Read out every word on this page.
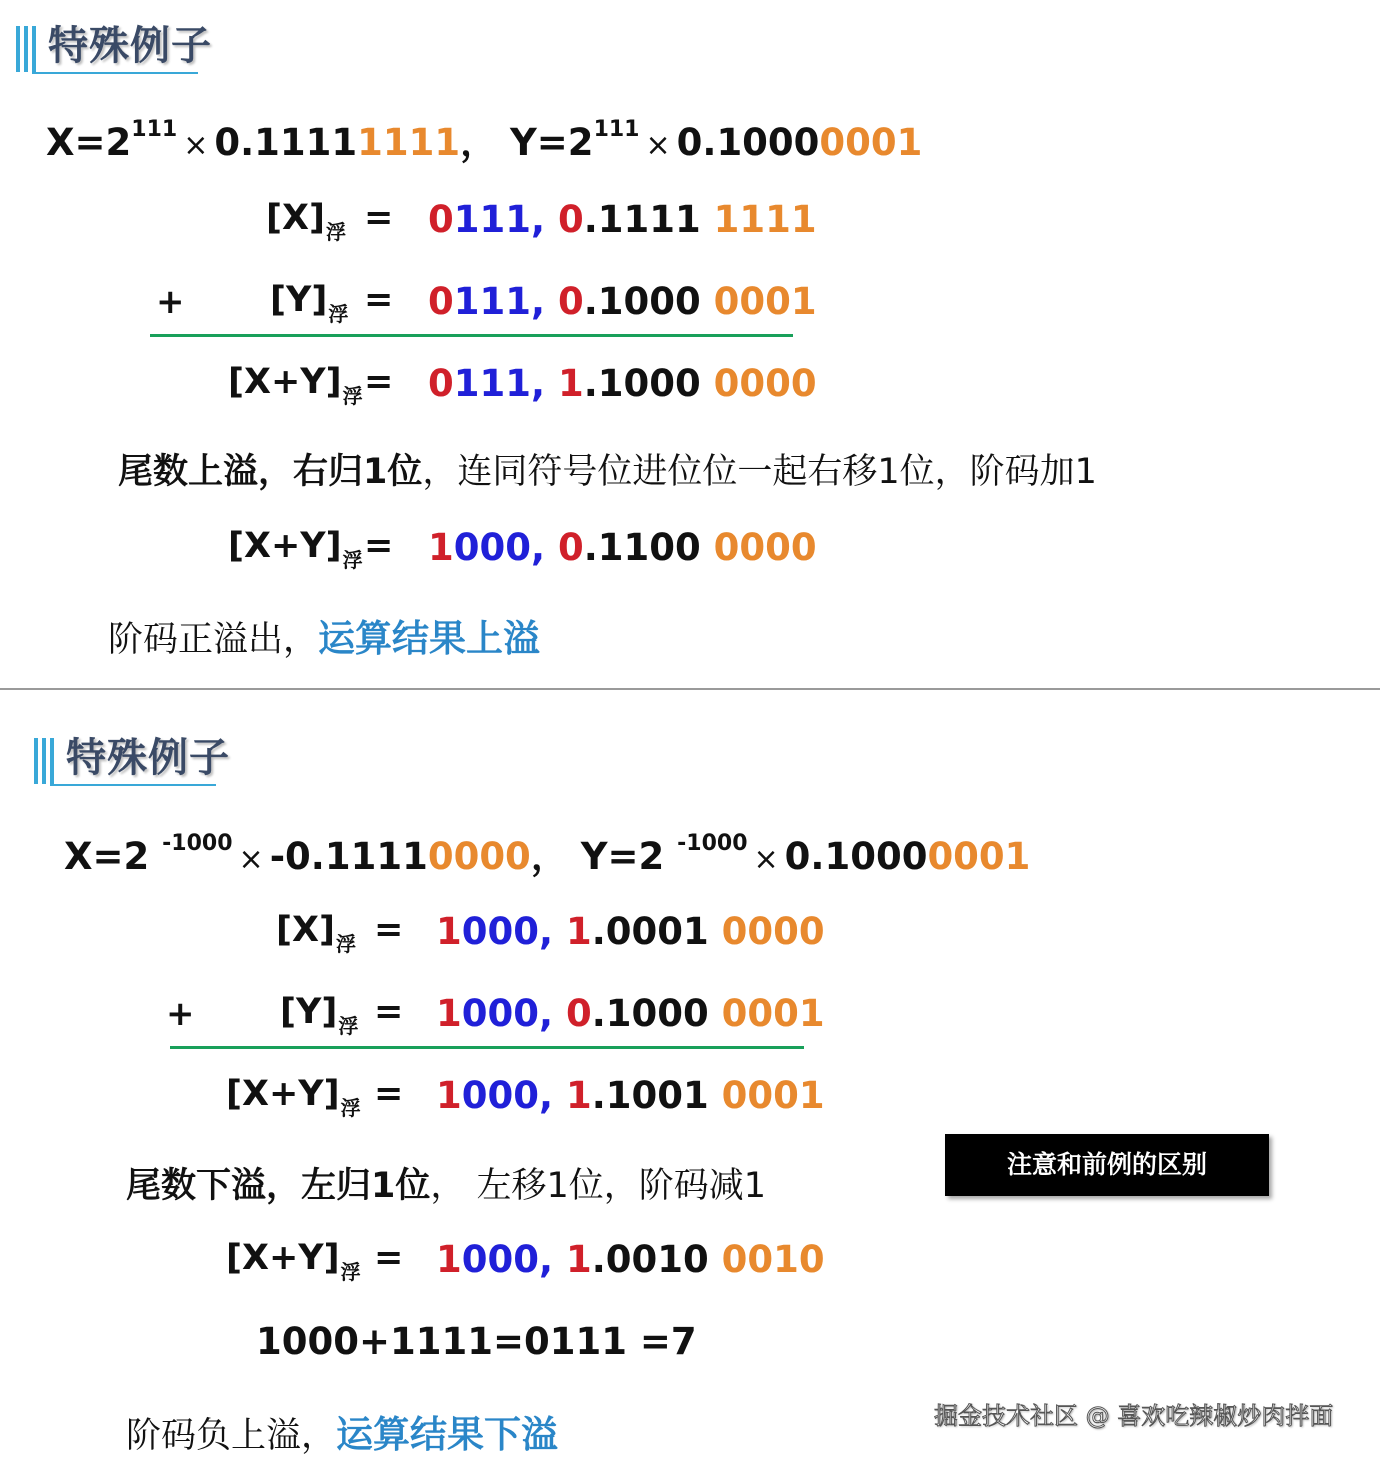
特殊例子
$X=2^{111} \times 0.11111111$， $Y=2^{111} \times 0.10000001$
$[X]_浮 = 0111$, 0.1111 1111
+ $[Y]_浮 = 0111$, 0.1000 0001
$[X+Y]_浮 = 0111$, 1.1000 0000
尾数上溢，右归1位，连同符号位进位位一起右移1位，阶码加1
$[X+Y]_浮 = 1000$, 0.1100 0000
阶码正溢出，运算结果上溢
特殊例子
X=2 $^{-1000}$ × -0.11110000， Y=2 $^{-1000}$ × 0.10000001
$[X]_浮 = 1000$, 1.0001 0000
+ $[Y]_浮 = 1000$, 0.1000 0001
$[X+Y]_浮 = 1000$, 1.1001 0001
尾数下溢，左归1位， 左移1位，阶码减1
注意和前例的区别
$[X+Y]_浮 = 1000$, 1.0010 0010
1000+1111=0111 =7
阶码负上溢，运算结果下溢	掘金技术社区 @ 喜欢吃辣椒炒肉拌面
